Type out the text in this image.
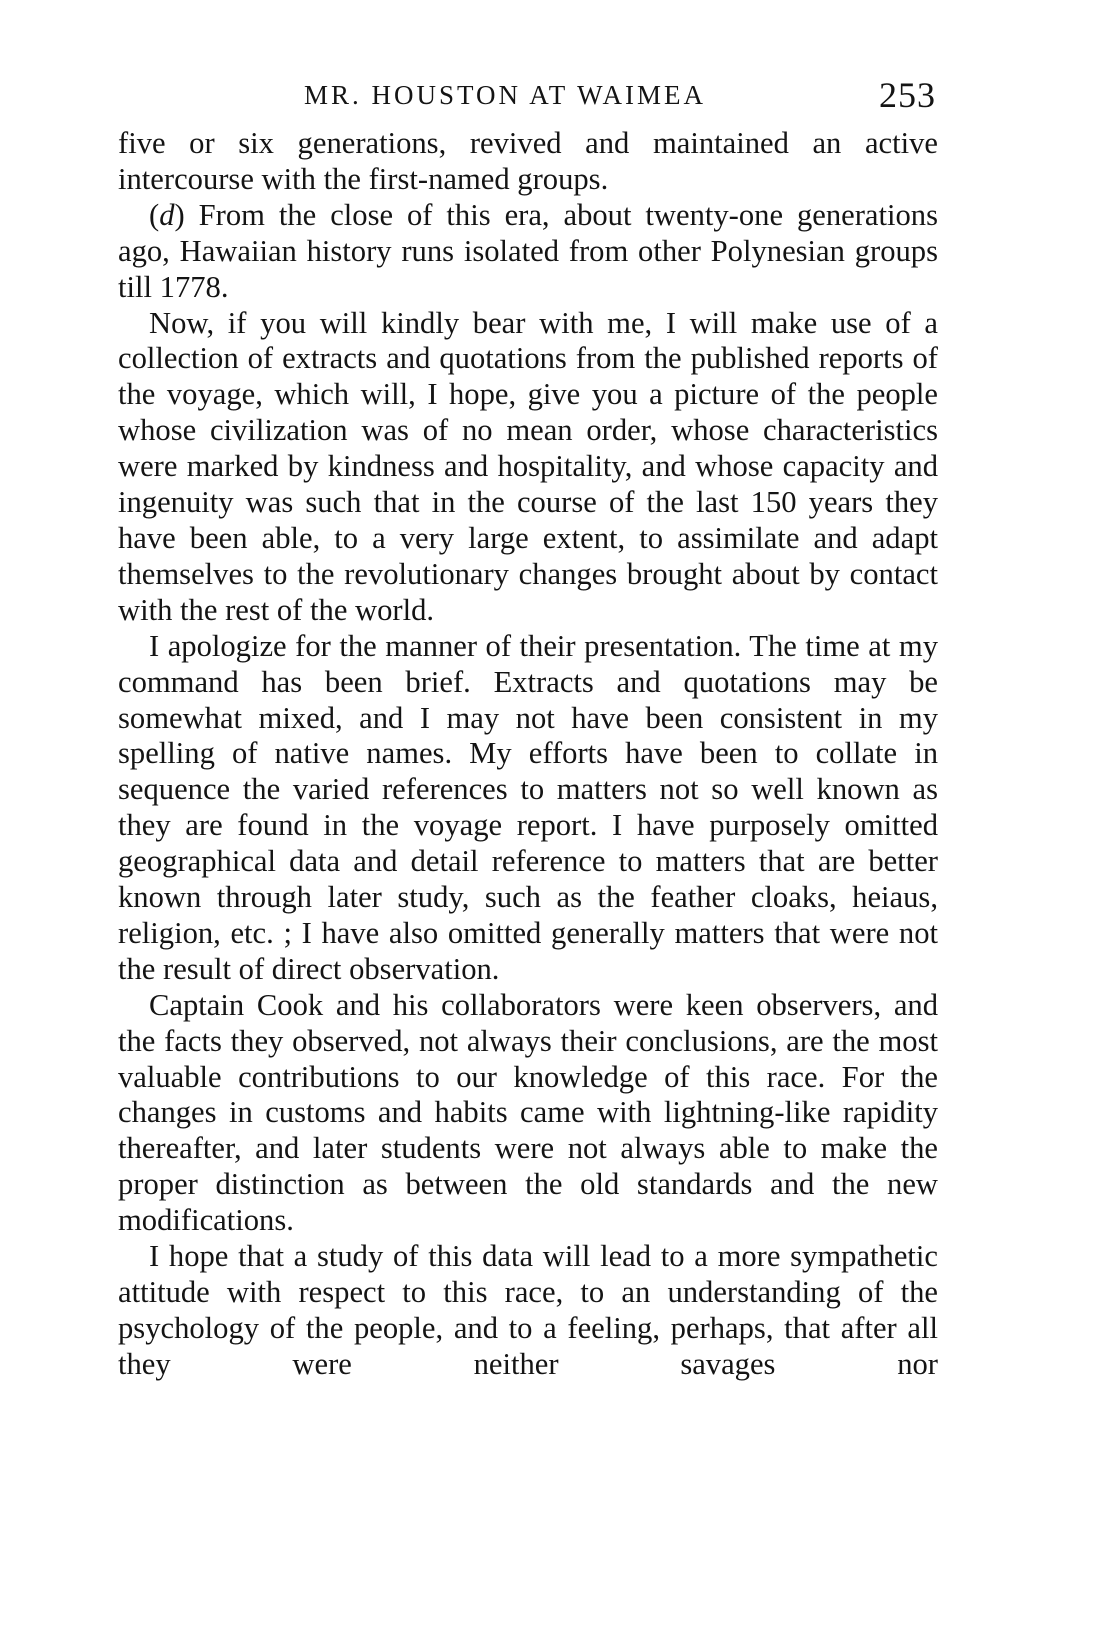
MR. HOUSTON AT WAIMEA	253

five or six generations, revived and maintained an active intercourse with the first-named groups.

(d) From the close of this era, about twenty-one generations ago, Hawaiian history runs isolated from other Polynesian groups till 1778.

Now, if you will kindly bear with me, I will make use of a collection of extracts and quotations from the published reports of the voyage, which will, I hope, give you a picture of the people whose civilization was of no mean order, whose characteristics were marked by kindness and hospitality, and whose capacity and ingenuity was such that in the course of the last 150 years they have been able, to a very large extent, to assimilate and adapt themselves to the revolutionary changes brought about by contact with the rest of the world.

I apologize for the manner of their presentation. The time at my command has been brief. Extracts and quotations may be somewhat mixed, and I may not have been consistent in my spelling of native names. My efforts have been to collate in sequence the varied references to matters not so well known as they are found in the voyage report. I have purposely omitted geographical data and detail reference to matters that are better known through later study, such as the feather cloaks, heiaus, religion, etc. ; I have also omitted generally matters that were not the result of direct observation.

Captain Cook and his collaborators were keen observers, and the facts they observed, not always their conclusions, are the most valuable contributions to our knowledge of this race. For the changes in customs and habits came with lightning-like rapidity thereafter, and later students were not always able to make the proper distinction as between the old standards and the new modifications.

I hope that a study of this data will lead to a more sympathetic attitude with respect to this race, to an understanding of the psychology of the people, and to a feeling, perhaps, that after all they were neither savages nor
